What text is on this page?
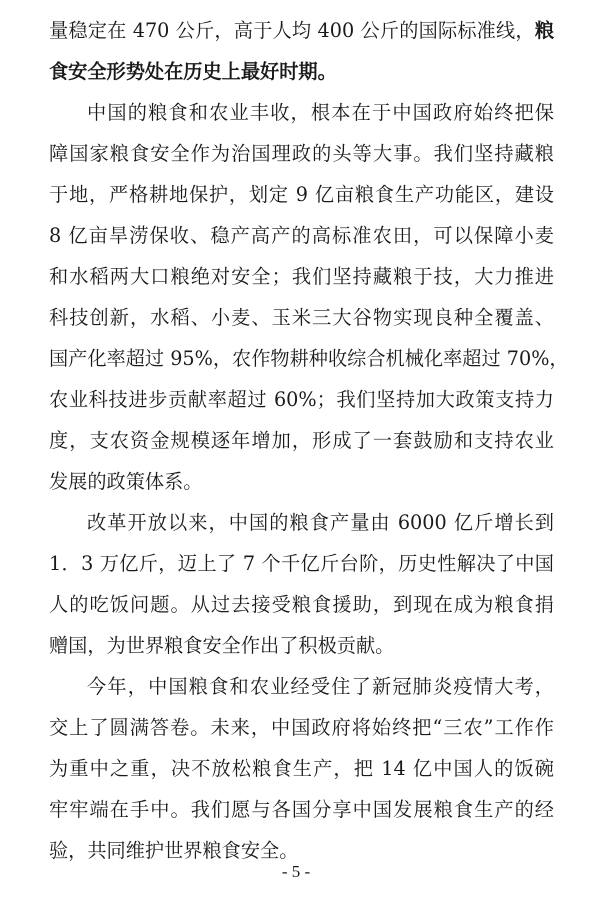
量稳定在 470 公斤，高于人均 400 公斤的国际标准线，粮
食安全形势处在历史上最好时期。
中国的粮食和农业丰收，根本在于中国政府始终把保
障国家粮食安全作为治国理政的头等大事。我们坚持藏粮
于地，严格耕地保护，划定 9 亿亩粮食生产功能区，建设
8 亿亩旱涝保收、稳产高产的高标准农田，可以保障小麦
和水稻两大口粮绝对安全；我们坚持藏粮于技，大力推进
科技创新，水稻、小麦、玉米三大谷物实现良种全覆盖、
国产化率超过 95%，农作物耕种收综合机械化率超过 70%，
农业科技进步贡献率超过 60%；我们坚持加大政策支持力
度，支农资金规模逐年增加，形成了一套鼓励和支持农业
发展的政策体系。
改革开放以来，中国的粮食产量由 6000 亿斤增长到
1．3 万亿斤，迈上了 7 个千亿斤台阶，历史性解决了中国
人的吃饭问题。从过去接受粮食援助，到现在成为粮食捐
赠国，为世界粮食安全作出了积极贡献。
今年，中国粮食和农业经受住了新冠肺炎疫情大考，
交上了圆满答卷。未来，中国政府将始终把“三农”工作作
为重中之重，决不放松粮食生产，把 14 亿中国人的饭碗
牢牢端在手中。我们愿与各国分享中国发展粮食生产的经
验，共同维护世界粮食安全。
- 5 -
